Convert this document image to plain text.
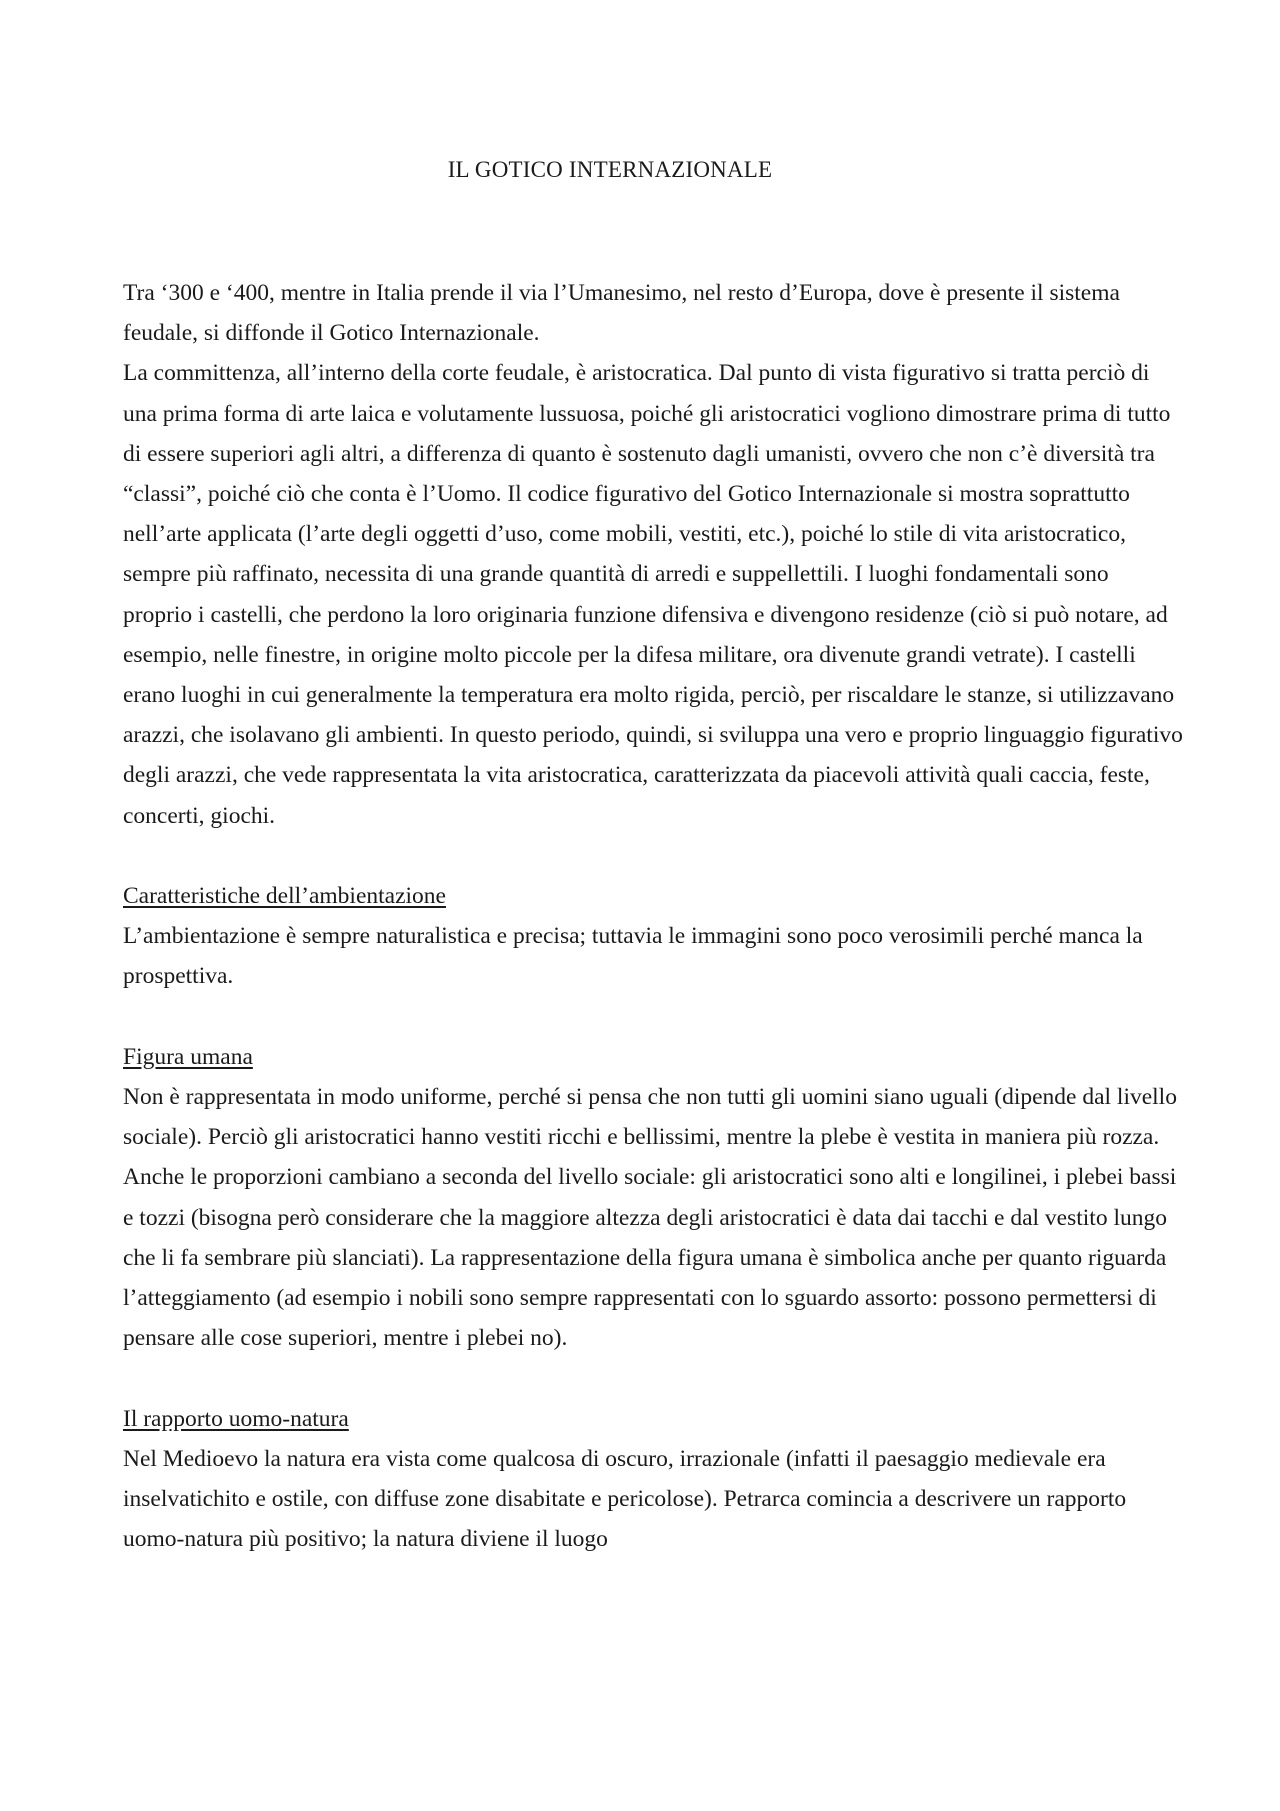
IL GOTICO INTERNAZIONALE

Tra ‘300 e ‘400, mentre in Italia prende il via l’Umanesimo, nel resto d’Europa, dove è presente il sistema feudale, si diffonde il Gotico Internazionale.

La committenza, all’interno della corte feudale, è aristocratica. Dal punto di vista figurativo si tratta perciò di una prima forma di arte laica e volutamente lussuosa, poiché gli aristocratici vogliono dimostrare prima di tutto di essere superiori agli altri, a differenza di quanto è sostenuto dagli umanisti, ovvero che non c’è diversità tra “classi”, poiché ciò che conta è l’Uomo. Il codice figurativo del Gotico Internazionale si mostra soprattutto nell’arte applicata (l’arte degli oggetti d’uso, come mobili, vestiti, etc.), poiché lo stile di vita aristocratico, sempre più raffinato, necessita di una grande quantità di arredi e suppellettili. I luoghi fondamentali sono proprio i castelli, che perdono la loro originaria funzione difensiva e divengono residenze (ciò si può notare, ad esempio, nelle finestre, in origine molto piccole per la difesa militare, ora divenute grandi vetrate). I castelli erano luoghi in cui generalmente la temperatura era molto rigida, perciò, per riscaldare le stanze, si utilizzavano arazzi, che isolavano gli ambienti. In questo periodo, quindi, si sviluppa una vero e proprio linguaggio figurativo degli arazzi, che vede rappresentata la vita aristocratica, caratterizzata da piacevoli attività quali caccia, feste, concerti, giochi.

Caratteristiche dell’ambientazione

L’ambientazione è sempre naturalistica e precisa; tuttavia le immagini sono poco verosimili perché manca la prospettiva.

Figura umana

Non è rappresentata in modo uniforme, perché si pensa che non tutti gli uomini siano uguali (dipende dal livello sociale). Perciò gli aristocratici hanno vestiti ricchi e bellissimi, mentre la plebe è vestita in maniera più rozza. Anche le proporzioni cambiano a seconda del livello sociale: gli aristocratici sono alti e longilinei, i plebei bassi e tozzi (bisogna però considerare che la maggiore altezza degli aristocratici è data dai tacchi e dal vestito lungo che li fa sembrare più slanciati). La rappresentazione della figura umana è simbolica anche per quanto riguarda l’atteggiamento (ad esempio i nobili sono sempre rappresentati con lo sguardo assorto: possono permettersi di pensare alle cose superiori, mentre i plebei no).

Il rapporto uomo-natura

Nel Medioevo la natura era vista come qualcosa di oscuro, irrazionale (infatti il paesaggio medievale era inselvatichito e ostile, con diffuse zone disabitate e pericolose). Petrarca comincia a descrivere un rapporto uomo-natura più positivo; la natura diviene il luogo
